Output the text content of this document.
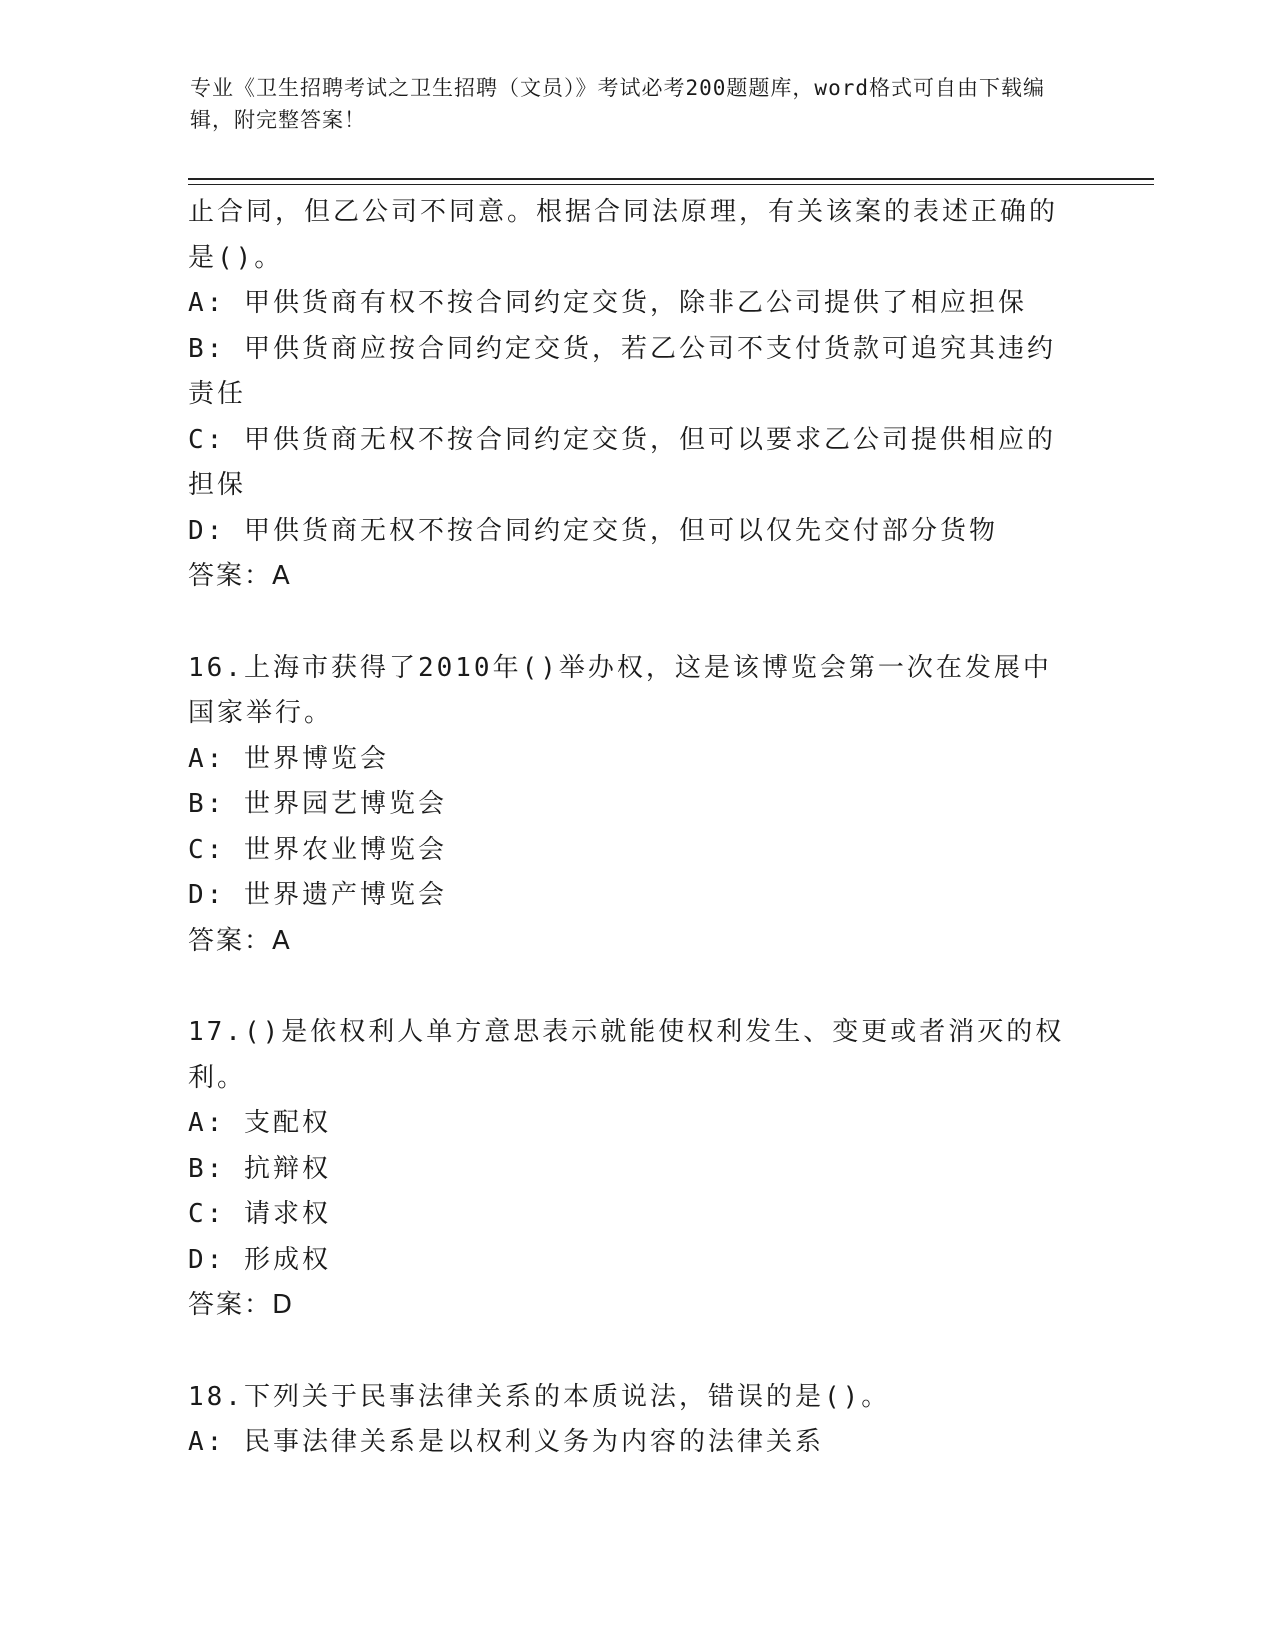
专业《卫生招聘考试之卫生招聘（文员）》考试必考200题题库，word格式可自由下载编辑，附完整答案！
止合同，但乙公司不同意。根据合同法原理，有关该案的表述正确的是()。
A: 甲供货商有权不按合同约定交货，除非乙公司提供了相应担保
B: 甲供货商应按合同约定交货，若乙公司不支付货款可追究其违约责任
C: 甲供货商无权不按合同约定交货，但可以要求乙公司提供相应的担保
D: 甲供货商无权不按合同约定交货，但可以仅先交付部分货物
答案：A
16.上海市获得了2010年()举办权，这是该博览会第一次在发展中国家举行。
A: 世界博览会
B: 世界园艺博览会
C: 世界农业博览会
D: 世界遗产博览会
答案：A
17.()是依权利人单方意思表示就能使权利发生、变更或者消灭的权利。
A: 支配权
B: 抗辩权
C: 请求权
D: 形成权
答案：D
18.下列关于民事法律关系的本质说法，错误的是()。
A: 民事法律关系是以权利义务为内容的法律关系
